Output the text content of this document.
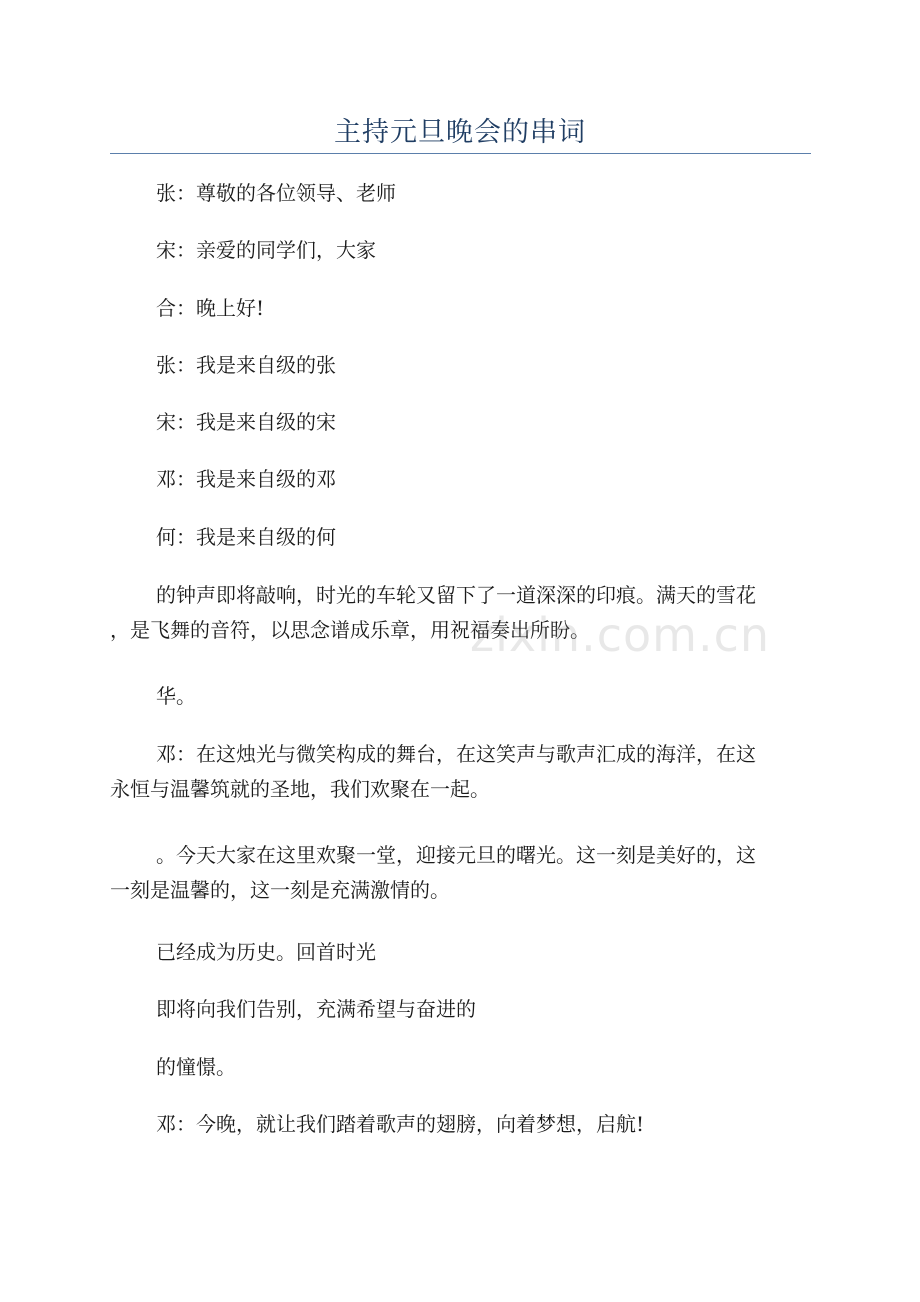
主持元旦晚会的串词

张：尊敬的各位领导、老师

宋：亲爱的同学们，大家

合：晚上好!

张：我是来自级的张

宋：我是来自级的宋

邓：我是来自级的邓

何：我是来自级的何

的钟声即将敲响，时光的车轮又留下了一道深深的印痕。满天的雪花
，是飞舞的音符，以思念谱成乐章，用祝福奏出所盼。

华。

邓：在这烛光与微笑构成的舞台，在这笑声与歌声汇成的海洋，在这
永恒与温馨筑就的圣地，我们欢聚在一起。

。今天大家在这里欢聚一堂，迎接元旦的曙光。这一刻是美好的，这
一刻是温馨的，这一刻是充满激情的。

已经成为历史。回首时光

即将向我们告别，充满希望与奋进的

的憧憬。

邓：今晚，就让我们踏着歌声的翅膀，向着梦想，启航!

zixin.com.cn
